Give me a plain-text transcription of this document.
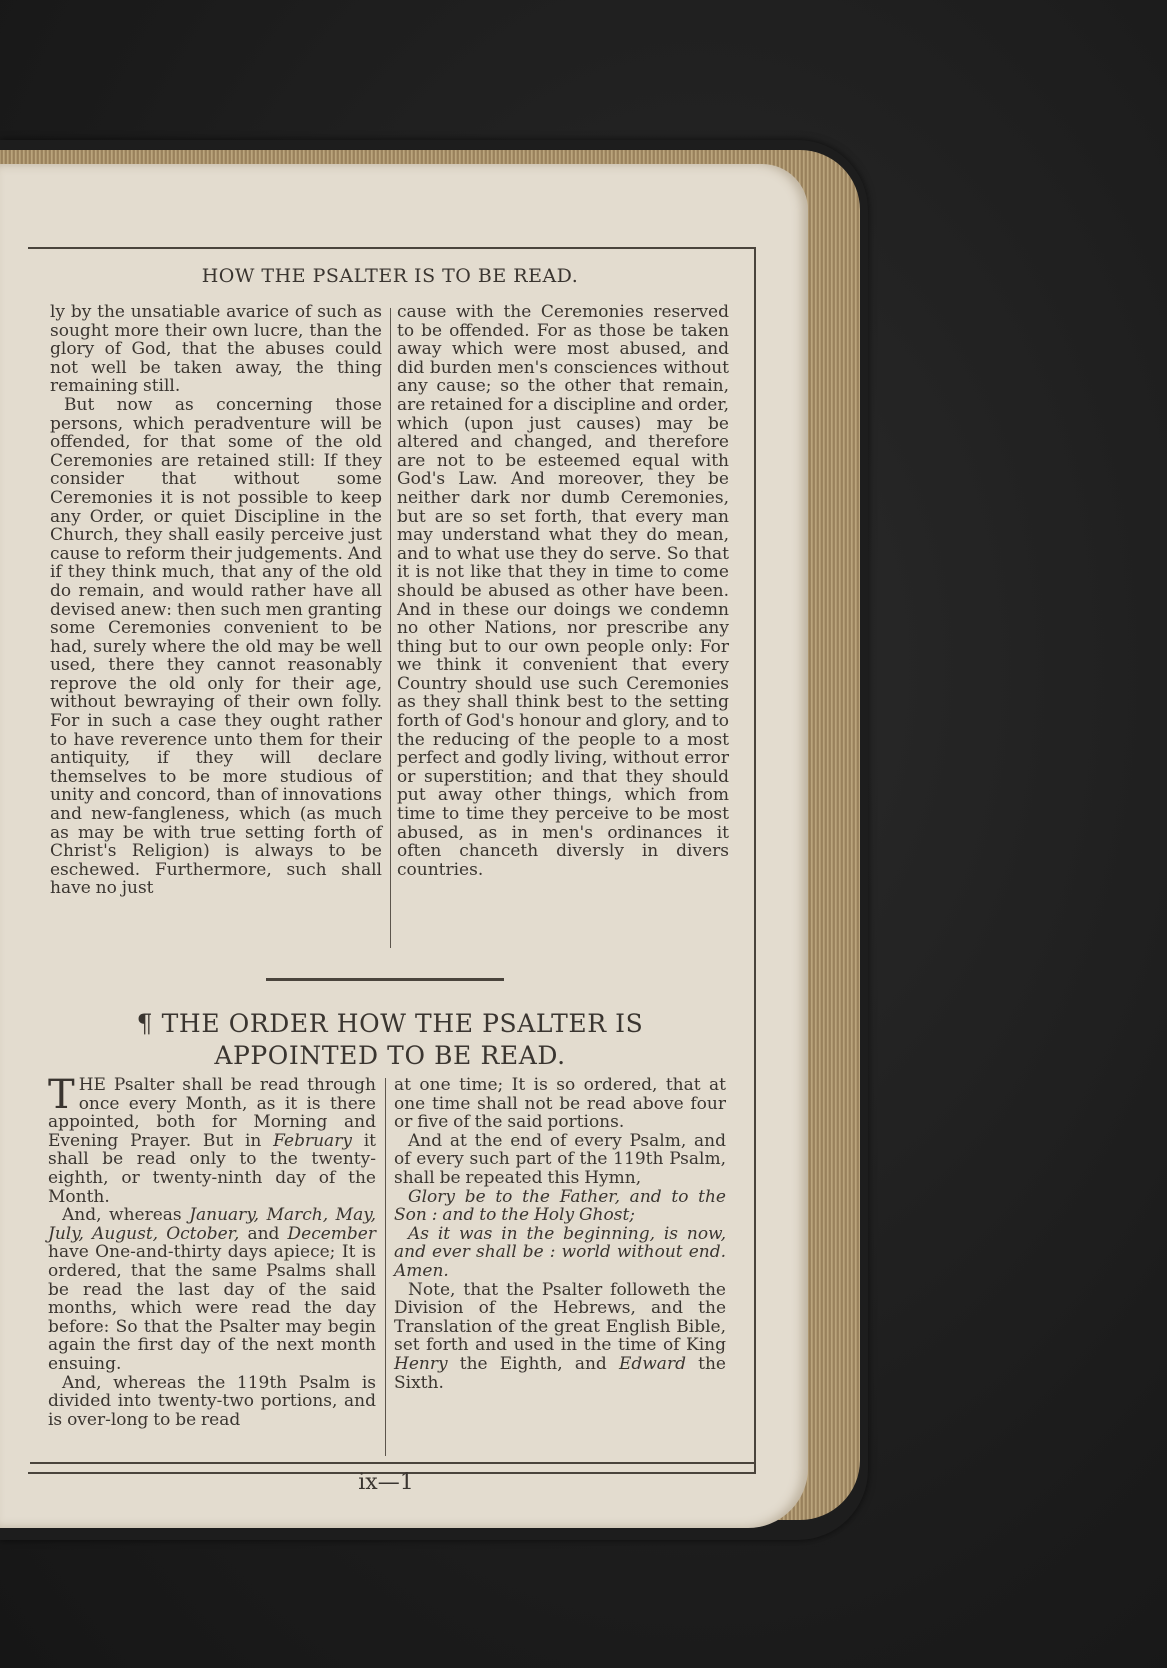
HOW THE PSALTER IS TO BE READ.

ly by the unsatiable avarice of such as sought more their own lucre, than the glory of God, that the abuses could not well be taken away, the thing remaining still.

But now as concerning those persons, which peradventure will be offended, for that some of the old Ceremonies are retained still: If they consider that without some Ceremonies it is not possible to keep any Order, or quiet Discipline in the Church, they shall easily perceive just cause to reform their judgements. And if they think much, that any of the old do remain, and would rather have all devised anew: then such men granting some Ceremonies convenient to be had, surely where the old may be well used, there they cannot reasonably reprove the old only for their age, without bewraying of their own folly. For in such a case they ought rather to have reverence unto them for their antiquity, if they will declare themselves to be more studious of unity and concord, than of innovations and new-fangleness, which (as much as may be with true setting forth of Christ's Religion) is always to be eschewed. Furthermore, such shall have no just

cause with the Ceremonies reserved to be offended. For as those be taken away which were most abused, and did burden men's consciences without any cause; so the other that remain, are retained for a discipline and order, which (upon just causes) may be altered and changed, and therefore are not to be esteemed equal with God's Law. And moreover, they be neither dark nor dumb Ceremonies, but are so set forth, that every man may understand what they do mean, and to what use they do serve. So that it is not like that they in time to come should be abused as other have been. And in these our doings we condemn no other Nations, nor prescribe any thing but to our own people only: For we think it convenient that every Country should use such Ceremonies as they shall think best to the setting forth of God's honour and glory, and to the reducing of the people to a most perfect and godly living, without error or superstition; and that they should put away other things, which from time to time they perceive to be most abused, as in men's ordinances it often chanceth diversly in divers countries.

¶ THE ORDER HOW THE PSALTER IS
APPOINTED TO BE READ.

THE Psalter shall be read through once every Month, as it is there appointed, both for Morning and Evening Prayer. But in February it shall be read only to the twenty-eighth, or twenty-ninth day of the Month.

And, whereas January, March, May, July, August, October, and December have One-and-thirty days apiece; It is ordered, that the same Psalms shall be read the last day of the said months, which were read the day before: So that the Psalter may begin again the first day of the next month ensuing.

And, whereas the 119th Psalm is divided into twenty-two portions, and is over-long to be read

at one time; It is so ordered, that at one time shall not be read above four or five of the said portions.

And at the end of every Psalm, and of every such part of the 119th Psalm, shall be repeated this Hymn,

Glory be to the Father, and to the Son : and to the Holy Ghost;

As it was in the beginning, is now, and ever shall be : world without end. Amen.

Note, that the Psalter followeth the Division of the Hebrews, and the Translation of the great English Bible, set forth and used in the time of King Henry the Eighth, and Edward the Sixth.

ix—1
